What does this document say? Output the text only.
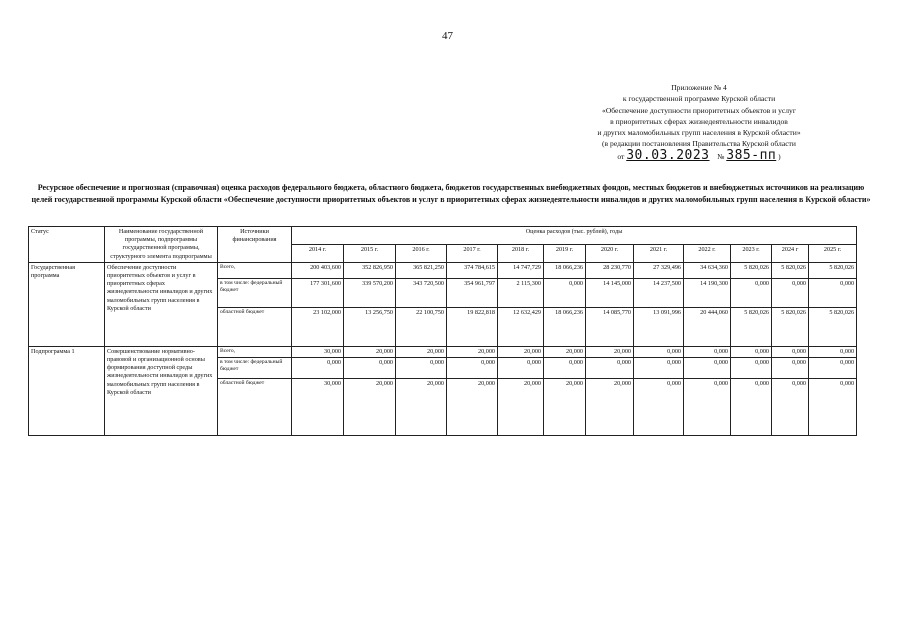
47
Приложение № 4
к государственной программе Курской области
«Обеспечение доступности приоритетных объектов и услуг
в приоритетных сферах жизнедеятельности инвалидов
и других маломобильных групп населения в Курской области»
(в редакции постановления Правительства Курской области
от 30.03.2023 № 385-пп )
Ресурсное обеспечение и прогнозная (справочная) оценка расходов федерального бюджета, областного бюджета, бюджетов государственных внебюджетных фондов, местных бюджетов и внебюджетных источников на реализацию целей государственной программы Курской области «Обеспечение доступности приоритетных объектов и услуг в приоритетных сферах жизнедеятельности инвалидов и других маломобильных групп населения в Курской области»
Статус	Наименование государственной программы, подпрограммы государственной программы, структурного элемента подпрограммы	Источники финансирования	Оценка расходов (тыс. рублей), годы											
			2014 г.	2015 г.	2016 г.	2017 г.	2018 г.	2019 г.	2020 г.	2021 г.	2022 г.	2023 г.	2024 г	2025 г.
Государственная программа	Обеспечение доступности приоритетных объектов и услуг в приоритетных сферах жизнедеятельности инвалидов и других маломобильных групп населения в Курской области	Всего,	200 403,600	352 826,950	365 821,250	374 784,615	14 747,729	18 066,236	28 230,770	27 329,496	34 634,360	5 820,026	5 820,026	5 820,026
		в том числе: федеральный бюджет	177 301,600	339 570,200	343 720,500	354 961,797	2 115,300	0,000	14 145,000	14 237,500	14 190,300	0,000	0,000	0,000
		областной бюджет	23 102,000	13 256,750	22 100,750	19 822,818	12 632,429	18 066,236	14 085,770	13 091,996	20 444,060	5 820,026	5 820,026	5 820,026
Подпрограмма 1	Совершенствование нормативно-правовой и организационной основы формирования доступной среды жизнедеятельности инвалидов и других маломобильных групп населения в Курской области	Всего,	30,000	20,000	20,000	20,000	20,000	20,000	20,000	0,000	0,000	0,000	0,000	0,000
		в том числе: федеральный бюджет	0,000	0,000	0,000	0,000	0,000	0,000	0,000	0,000	0,000	0,000	0,000	0,000
		областной бюджет	30,000	20,000	20,000	20,000	20,000	20,000	20,000	0,000	0,000	0,000	0,000	0,000
